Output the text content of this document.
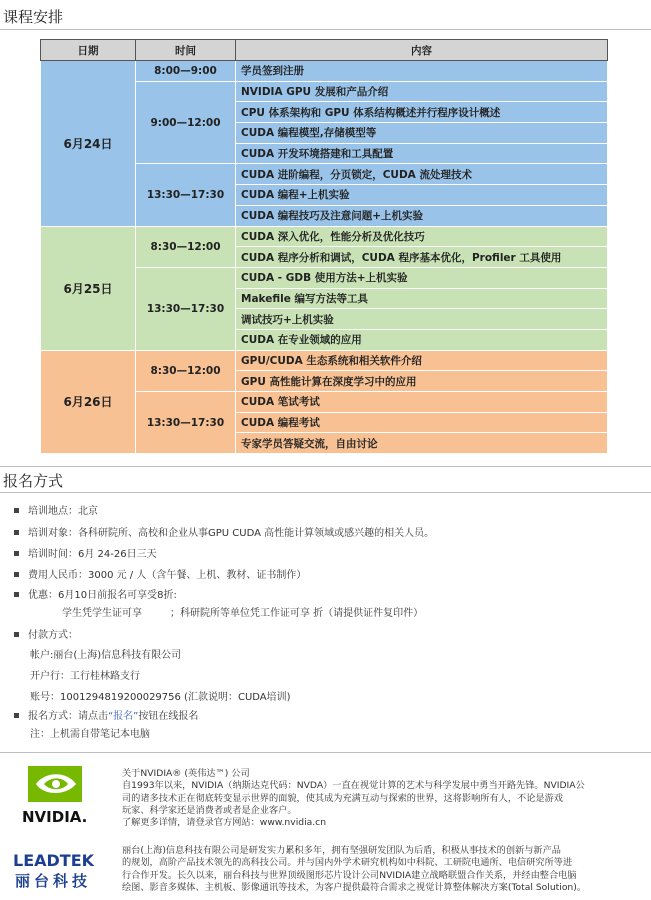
课程安排
日期	时间	内容
6月24日	8:00—9:00	学员签到注册
	9:00—12:00	NVIDIA GPU 发展和产品介绍
		CPU 体系架构和 GPU 体系结构概述并行程序设计概述
		CUDA 编程模型,存储模型等
		CUDA 开发环境搭建和工具配置
	13:30—17:30	CUDA 进阶编程，分页锁定，CUDA 流处理技术
		CUDA 编程+上机实验
		CUDA 编程技巧及注意问题+上机实验
6月25日	8:30—12:00	CUDA 深入优化，性能分析及优化技巧
		CUDA 程序分析和调试，CUDA 程序基本优化，Profiler 工具使用
	13:30—17:30	CUDA - GDB 使用方法+上机实验
		Makefile 编写方法等工具
		调试技巧+上机实验
		CUDA 在专业领域的应用
6月26日	8:30—12:00	GPU/CUDA 生态系统和相关软件介绍
		GPU 高性能计算在深度学习中的应用
	13:30—17:30	CUDA 笔试考试
		CUDA 编程考试
		专家学员答疑交流，自由讨论
报名方式
培训地点：北京
培训对象：各科研院所、高校和企业从事GPU CUDA 高性能计算领域或感兴趣的相关人员。
培训时间：6月 24-26日三天
费用人民币：3000 元 / 人（含午餐、上机、教材、证书制作）
优惠：6月10日前报名可享受8折:
学生凭学生证可享	；科研院所等单位凭工作证可享 折（请提供证件复印件）
付款方式：
帐户:丽台(上海)信息科技有限公司
开户行：工行桂林路支行
账号：1001294819200029756 (汇款说明：CUDA培训)
报名方式：请点击“报名”按钮在线报名
注：上机需自带笔记本电脑
NVIDIA.
LEADTEK
丽台科技
关于NVIDIA® (英伟达™) 公司
自1993年以来，NVIDIA（纳斯达克代码：NVDA）一直在视觉计算的艺术与科学发展中勇当开路先锋。NVIDIA公
司的诸多技术正在彻底转变显示世界的面貌，使其成为充满互动与探索的世界，这将影响所有人，不论是游戏
玩家、科学家还是消费者或者是企业客户。
了解更多详情，请登录官方网站：www.nvidia.cn
丽台(上海)信息科技有限公司是研发实力累积多年，拥有坚强研发团队为后盾，积极从事技术的创新与新产品
的规划，高阶产品技术领先的高科技公司。并与国内外学术研究机构如中科院、工研院电通所、电信研究所等进
行合作开发。长久以来，丽台科技与世界顶级图形芯片设计公司NVIDIA建立战略联盟合作关系，并经由整合电脑
绘图、影音多媒体、主机板、影像通讯等技术，为客户提供最符合需求之视觉计算整体解决方案(Total Solution)。
